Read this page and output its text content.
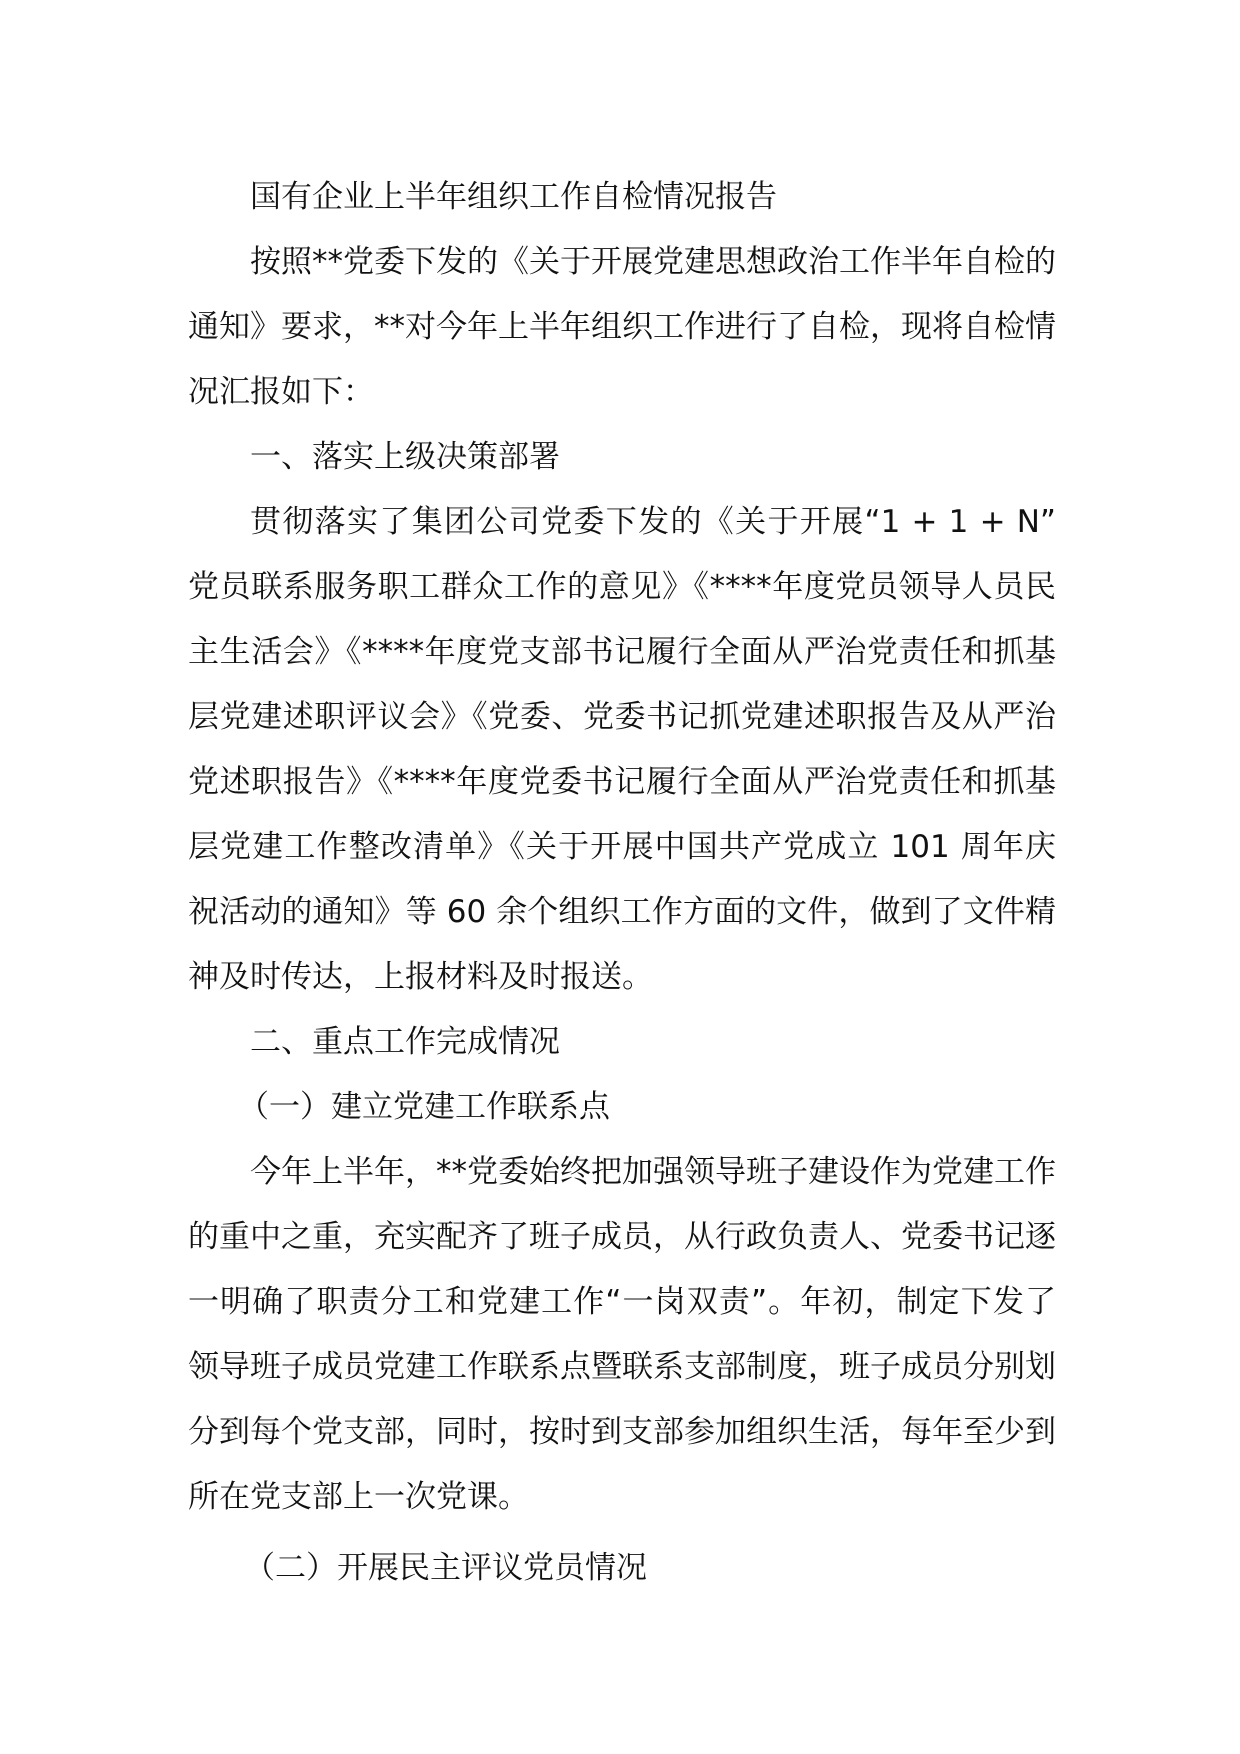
国有企业上半年组织工作自检情况报告

按照**党委下发的《关于开展党建思想政治工作半年自检的通知》要求，**对今年上半年组织工作进行了自检，现将自检情况汇报如下：

一、落实上级决策部署

贯彻落实了集团公司党委下发的《关于开展“1 + 1 + N”党员联系服务职工群众工作的意见》《****年度党员领导人员民主生活会》《****年度党支部书记履行全面从严治党责任和抓基层党建述职评议会》《党委、党委书记抓党建述职报告及从严治党述职报告》《****年度党委书记履行全面从严治党责任和抓基层党建工作整改清单》《关于开展中国共产党成立 101 周年庆祝活动的通知》等 60 余个组织工作方面的文件，做到了文件精神及时传达，上报材料及时报送。

二、重点工作完成情况

（一）建立党建工作联系点

今年上半年，**党委始终把加强领导班子建设作为党建工作的重中之重，充实配齐了班子成员，从行政负责人、党委书记逐一明确了职责分工和党建工作“一岗双责”。年初，制定下发了领导班子成员党建工作联系点暨联系支部制度，班子成员分别划分到每个党支部，同时，按时到支部参加组织生活，每年至少到所在党支部上一次党课。

（二）开展民主评议党员情况
